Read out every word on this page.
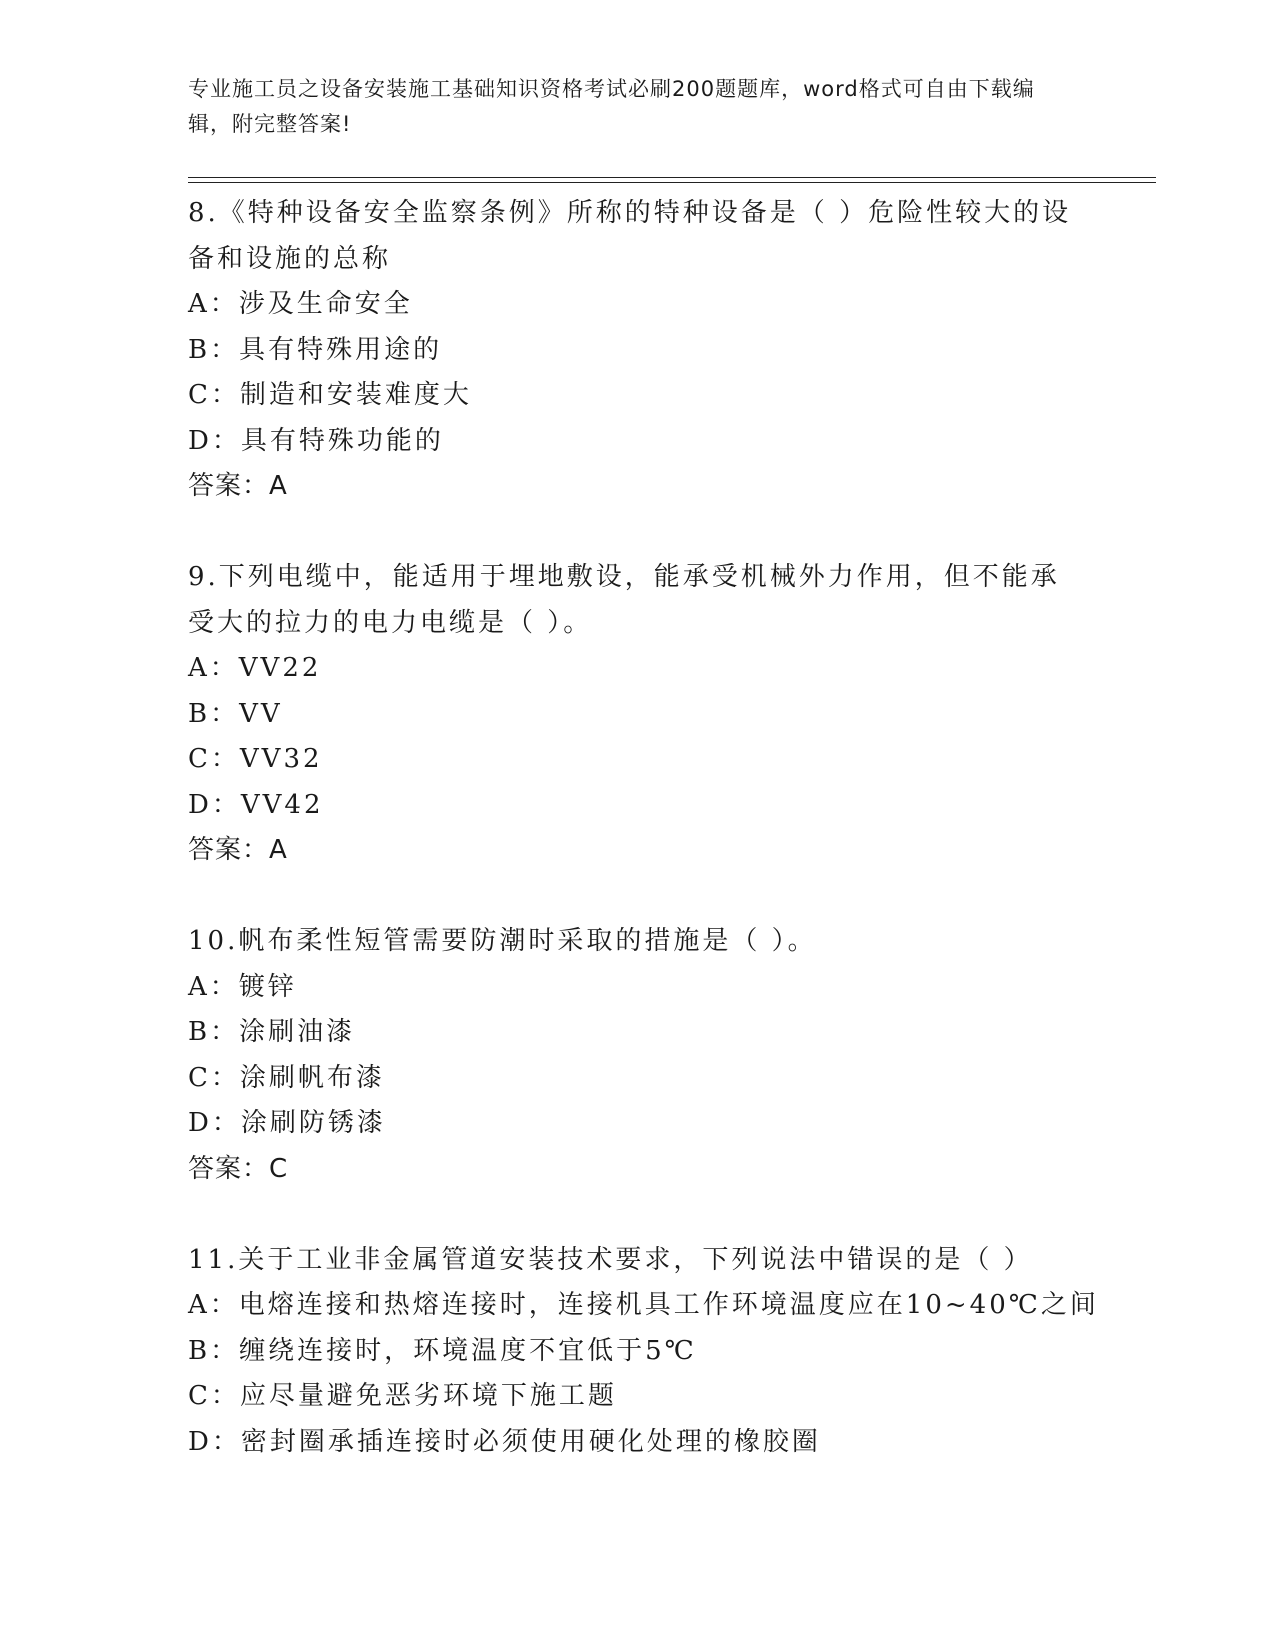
专业施工员之设备安装施工基础知识资格考试必刷200题题库，word格式可自由下载编辑，附完整答案!

8.《特种设备安全监察条例》所称的特种设备是（ ）危险性较大的设备和设施的总称

A：涉及生命安全

B：具有特殊用途的

C：制造和安装难度大

D：具有特殊功能的

答案：A

9.下列电缆中，能适用于埋地敷设，能承受机械外力作用，但不能承受大的拉力的电力电缆是（ ）。

A：VV22

B：VV

C：VV32

D：VV42

答案：A

10.帆布柔性短管需要防潮时采取的措施是（ ）。

A：镀锌

B：涂刷油漆

C：涂刷帆布漆

D：涂刷防锈漆

答案：C

11.关于工业非金属管道安装技术要求，下列说法中错误的是（ ）

A：电熔连接和热熔连接时，连接机具工作环境温度应在10~40℃之间

B：缠绕连接时，环境温度不宜低于5℃

C：应尽量避免恶劣环境下施工题

D：密封圈承插连接时必须使用硬化处理的橡胶圈
